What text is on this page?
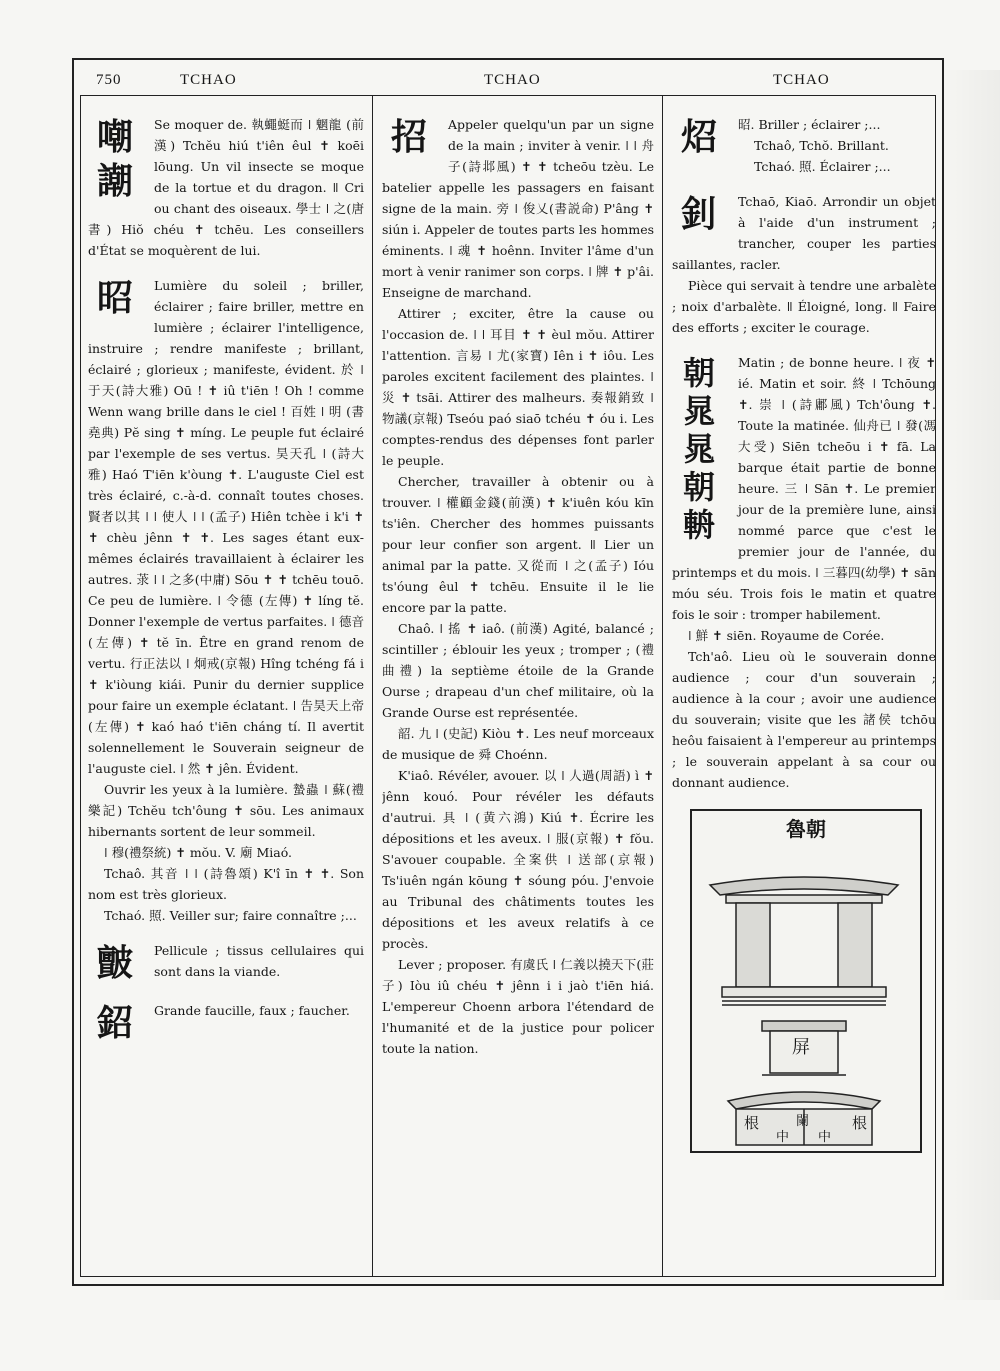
750	TCHAO	TCHAO	TCHAO
嘲
謿

Se moquer de. 執蠅蜓而 ǀ 魍龍 (前漢) Tchĕu hiú t'iên êul ✝ koēi lōung. Un vil insecte se moque de la tortue et du dragon. ǁ Cri ou chant des oiseaux. 學士 ǀ 之(唐書) Hiŏ chéu ✝ tchēu. Les conseillers d'État se moquèrent de lui.

昭	Lumière du soleil ; briller, éclairer ; faire briller, mettre en lumière ; éclairer l'intelligence, instruire ; rendre manifeste ; brillant, éclairé ; glorieux ; manifeste, évident. 於 ǀ 于天(詩大雅) Oū ! ✝ iû t'iēn ! Oh ! comme Wenn wang brille dans le ciel ! 百姓 ǀ 明 (書堯典) Pĕ sing ✝ míng. Le peuple fut éclairé par l'exemple de ses vertus. 昊天孔 ǀ (詩大雅) Haó T'iēn k'òung ✝. L'auguste Ciel est très éclairé, c.-à-d. connaît toutes choses. 賢者以其 ǀ ǀ 使人 ǀ ǀ (孟子) Hiên tchèe i k'i ✝ ✝ chèu jênn ✝ ✝. Les sages étant eux-mêmes éclairés travaillaient à éclairer les autres. 莍 ǀ ǀ 之多(中庸) Sōu ✝ ✝ tchēu touō. Ce peu de lumière. ǀ 令德 (左傳) ✝ líng tĕ. Donner l'exemple de vertus parfaites. ǀ 德音(左傳) ✝ tĕ īn. Être en grand renom de vertu. 行正法以 ǀ 炯戒(京報) Hîng tchéng fá i ✝ k'iòung kiái. Punir du dernier supplice pour faire un exemple éclatant. ǀ 告昊天上帝(左傳) ✝ kaó haó t'iēn cháng tí. Il avertit solennellement le Souverain seigneur de l'auguste ciel. ǀ 然 ✝ jên. Évident.

Ouvrir les yeux à la lumière. 蟄蟲 ǀ 蘇(禮樂記) Tchĕu tch'ôung ✝ sōu. Les animaux hibernants sortent de leur sommeil.

ǀ 穆(禮祭統) ✝ mŏu. V. 廟 Miaó.

Tchaô. 其音 ǀ ǀ (詩魯頌) K'î īn ✝ ✝. Son nom est très glorieux.

Tchaó. 照. Veiller sur; faire connaître ;...

皽	Pellicule ; tissus cellulaires qui sont dans la viande.

鉊	Grande faucille, faux ; faucher.

招	Appeler quelqu'un par un signe de la main ; inviter à venir. ǀ ǀ 舟子(詩邶風) ✝ ✝ tcheōu tzèu. Le batelier appelle les passagers en faisant signe de la main. 旁 ǀ 俊乂(書説命) P'âng ✝ siún i. Appeler de toutes parts les hommes éminents. ǀ 魂 ✝ hoênn. Inviter l'âme d'un mort à venir ranimer son corps. ǀ 牌 ✝ p'âi. Enseigne de marchand.

Attirer ; exciter, être la cause ou l'occasion de. ǀ ǀ 耳目 ✝ ✝ èul mŏu. Attirer l'attention. 言易 ǀ 尤(家寶) Iên i ✝ iôu. Les paroles excitent facilement des plaintes. ǀ 災 ✝ tsāi. Attirer des malheurs. 奏報銷致 ǀ 物議(京報) Tseóu paó siaō tchéu ✝ óu i. Les comptes-rendus des dépenses font parler le peuple.

Chercher, travailler à obtenir ou à trouver. ǀ 權顧金錢(前漢) ✝ k'iuên kóu kīn ts'iên. Chercher des hommes puissants pour leur confier son argent. ǁ Lier un animal par la patte. 又從而 ǀ 之(孟子) Ióu ts'óung êul ✝ tchēu. Ensuite il le lie encore par la patte.

Chaô. ǀ 搖 ✝ iaô. (前漢) Agité, balancé ; scintiller ; éblouir les yeux ; tromper ; (禮曲禮) la septième étoile de la Grande Ourse ; drapeau d'un chef militaire, où la Grande Ourse est représentée.

韶. 九 ǀ (史記) Kiòu ✝. Les neuf morceaux de musique de 舜 Choénn.

K'iaô. Révéler, avouer. 以 ǀ 人過(周語) ì ✝ jênn kouó. Pour révéler les défauts d'autrui. 具 ǀ (黄六鴻) Kiú ✝. Écrire les dépositions et les aveux. ǀ 服(京報) ✝ fŏu. S'avouer coupable. 全案供 ǀ 送部(京報) Ts'iuên ngán kōung ✝ sóung póu. J'envoie au Tribunal des châtiments toutes les dépositions et les aveux relatifs à ce procès.

Lever ; proposer. 有虞氏 ǀ 仁義以撓天下(莊子) Iòu iû chéu ✝ jênn i i jaò t'iēn hiá. L'empereur Choenn arbora l'étendard de l'humanité et de la justice pour policer toute la nation.

炤	昭. Briller ; éclairer ;...

Tchaô, Tchŏ. Brillant.

Tchaó. 照. Éclairer ;...

釗	Tchaō, Kiaō. Arrondir un objet à l'aide d'un instrument ; trancher, couper les parties saillantes, racler.

Pièce qui servait à tendre une arbalète ; noix d'arbalète. ǁ Éloigné, long. ǁ Faire des efforts ; exciter le courage.

朝
晁
晁
朝
輈

Matin ; de bonne heure. ǀ 夜 ✝ ié. Matin et soir. 終 ǀ Tchōung ✝. 崇 ǀ (詩鄘風) Tch'ôung ✝. Toute la matinée. 仙舟已 ǀ 發(馮大受) Siēn tcheōu i ✝ fā. La barque était partie de bonne heure. 三 ǀ Sān ✝. Le premier jour de la première lune, ainsi nommé parce que c'est le premier jour de l'année, du printemps et du mois. ǀ 三暮四(幼學) ✝ sān móu séu. Trois fois le matin et quatre fois le soir : tromper habilement.

ǀ 鮮 ✝ siēn. Royaume de Corée.

Tch'aô. Lieu où le souverain donne audience ; cour d'un souverain ; audience à la cour ; avoir une audience du souverain; visite que les 諸侯 tchōu heôu faisaient à l'empereur au printemps ; le souverain appelant à sa cour ou donnant audience.

魯朝
屏
根	闌
中 中
根
